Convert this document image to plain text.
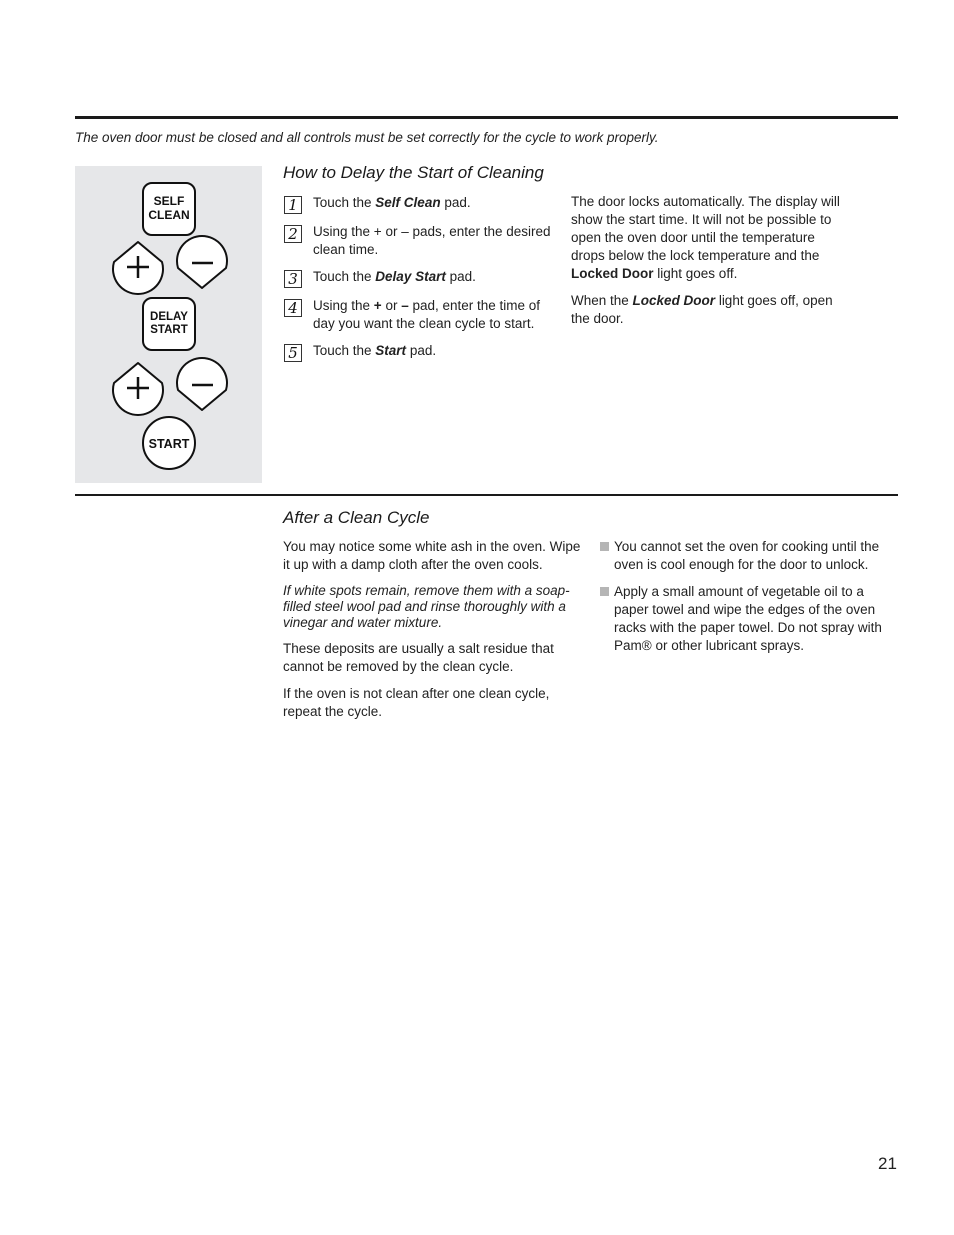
The oven door must be closed and all controls must be set correctly for the cycle to work properly.
SELF
CLEAN
DELAY
START
START
How to Delay the Start of Cleaning
1	Touch the Self Clean pad.
2	Using the + or – pads, enter the desired clean time.
3	Touch the Delay Start pad.
4	Using the + or – pad, enter the time of day you want the clean cycle to start.
5	Touch the Start pad.

The door locks automatically. The display will show the start time. It will not be possible to open the oven door until the temperature drops below the lock temperature and the Locked Door light goes off.

When the Locked Door light goes off, open the door.

After a Clean Cycle

You may notice some white ash in the oven. Wipe it up with a damp cloth after the oven cools.

If white spots remain, remove them with a soap-filled steel wool pad and rinse thoroughly with a vinegar and water mixture.

These deposits are usually a salt residue that cannot be removed by the clean cycle.

If the oven is not clean after one clean cycle, repeat the cycle.

You cannot set the oven for cooking until the oven is cool enough for the door to unlock.
Apply a small amount of vegetable oil to a paper towel and wipe the edges of the oven racks with the paper towel. Do not spray with Pam® or other lubricant sprays.
21
